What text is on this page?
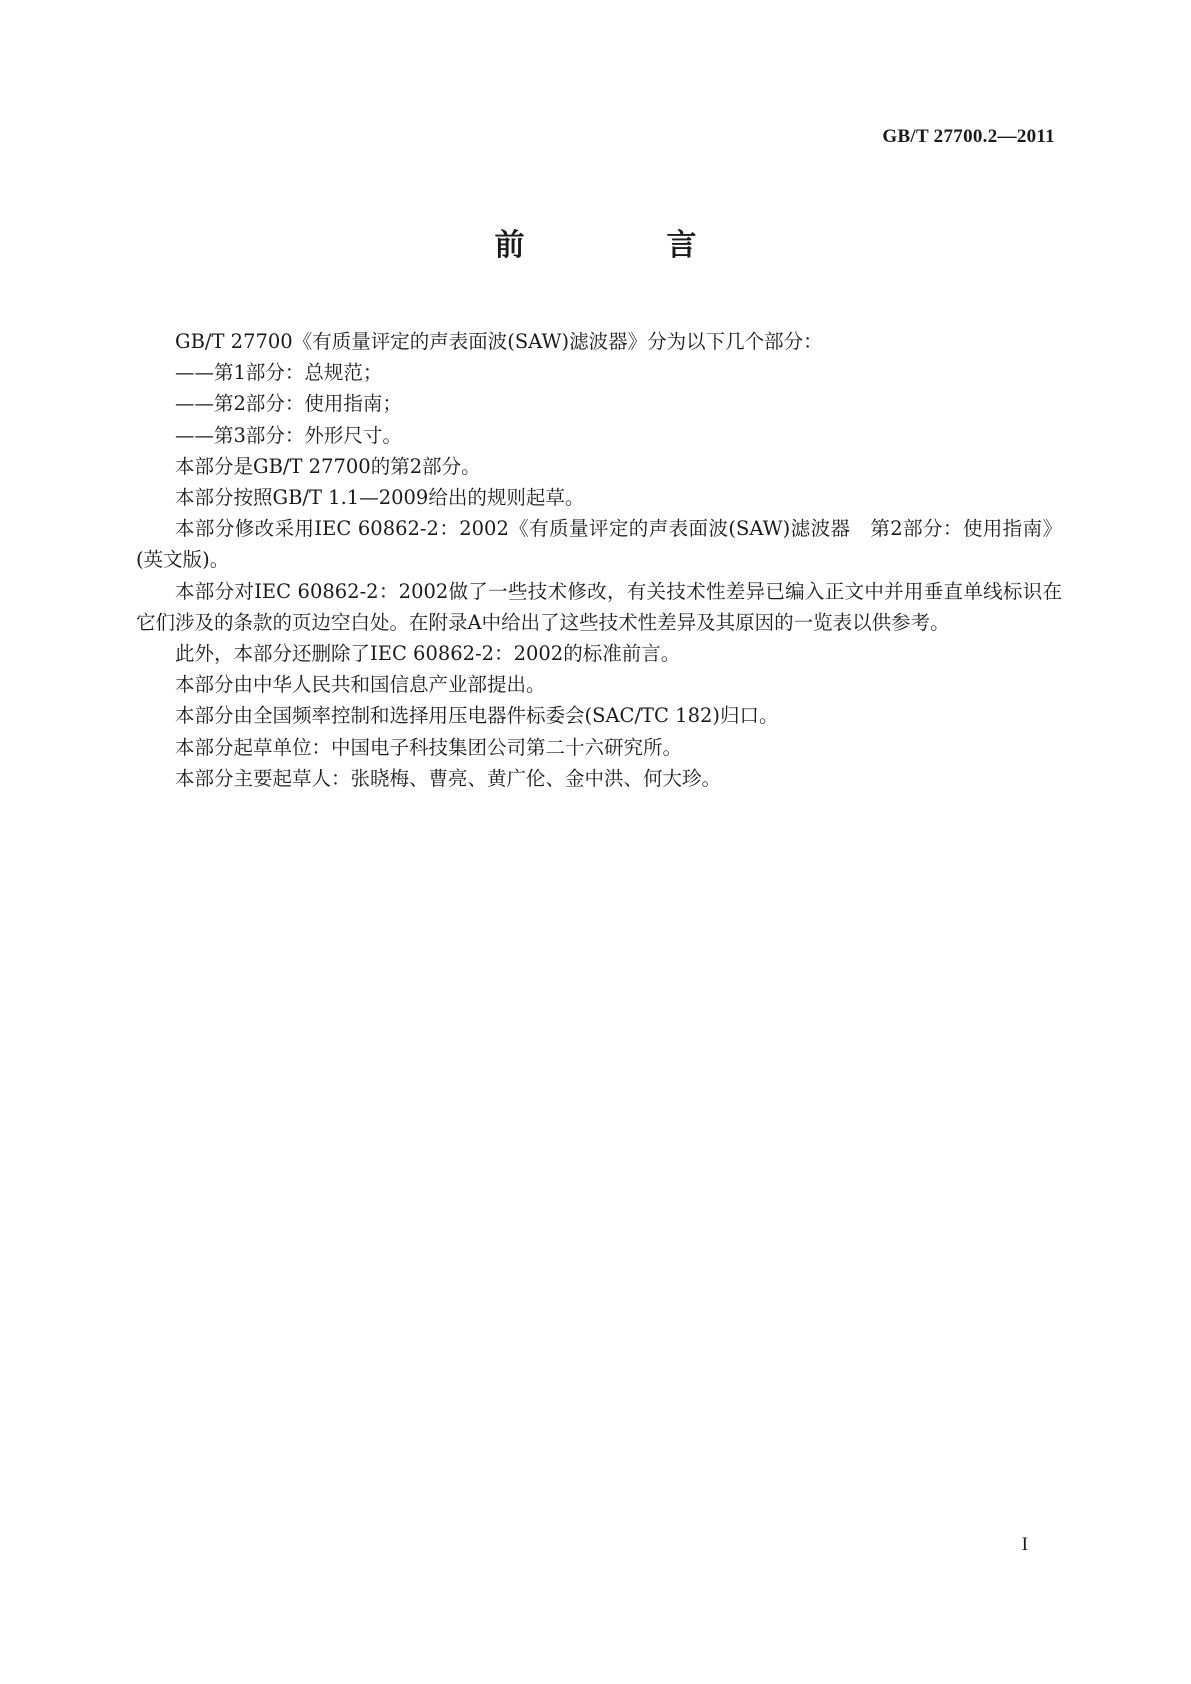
GB/T 27700.2—2011
前　言

GB/T 27700《有质量评定的声表面波(SAW)滤波器》分为以下几个部分：

——第1部分：总规范；

——第2部分：使用指南；

——第3部分：外形尺寸。

本部分是GB/T 27700的第2部分。

本部分按照GB/T 1.1—2009给出的规则起草。

本部分修改采用IEC 60862-2：2002《有质量评定的声表面波(SAW)滤波器　第2部分：使用指南》(英文版)。

本部分对IEC 60862-2：2002做了一些技术修改，有关技术性差异已编入正文中并用垂直单线标识在它们涉及的条款的页边空白处。在附录A中给出了这些技术性差异及其原因的一览表以供参考。

此外，本部分还删除了IEC 60862-2：2002的标准前言。

本部分由中华人民共和国信息产业部提出。

本部分由全国频率控制和选择用压电器件标委会(SAC/TC 182)归口。

本部分起草单位：中国电子科技集团公司第二十六研究所。

本部分主要起草人：张晓梅、曹亮、黄广伦、金中洪、何大珍。

I
